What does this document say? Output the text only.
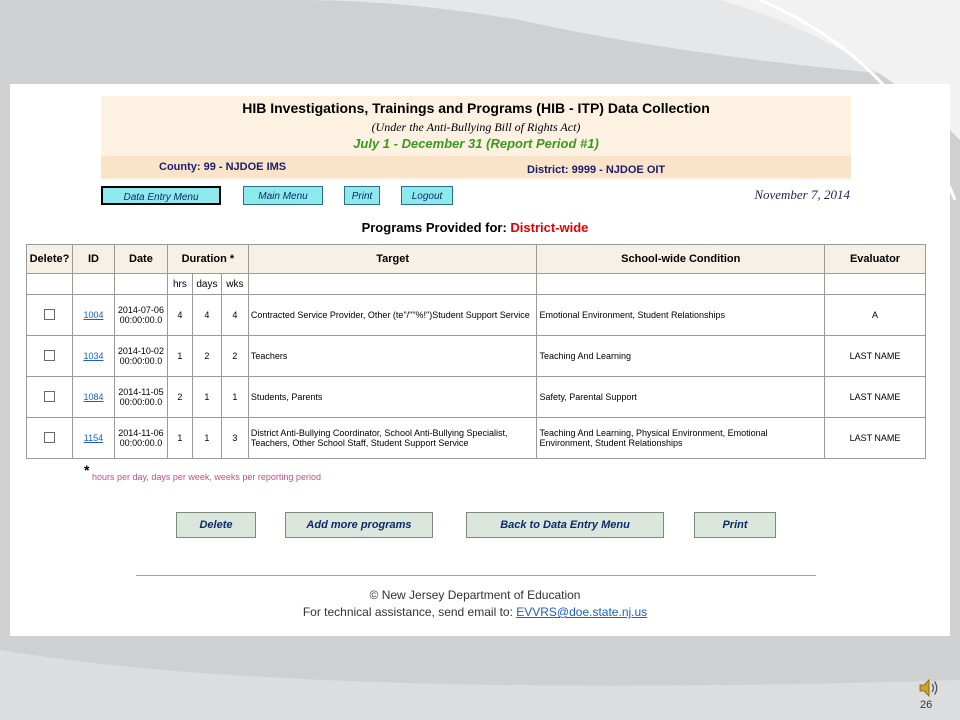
HIB Investigations, Trainings and Programs (HIB - ITP) Data Collection
(Under the Anti-Bullying Bill of Rights Act)
July 1 - December 31 (Report Period #1)
County: 99 - NJDOE IMS	District: 9999 - NJDOE OIT
Data Entry Menu	Main Menu	Print	Logout	November 7, 2014
Programs Provided for: District-wide
Delete?	ID	Date	Duration *			Target	School-wide Condition	Evaluator
			hrs	days	wks			
	1004	2014-07-06 00:00:00.0	4	4	4	Contracted Service Provider, Other (te"/""%!")Student Support Service	Emotional Environment, Student Relationships	A
	1034	2014-10-02 00:00:00.0	1	2	2	Teachers	Teaching And Learning	LAST NAME
	1084	2014-11-05 00:00:00.0	2	1	1	Students, Parents	Safety, Parental Support	LAST NAME
	1154	2014-11-06 00:00:00.0	1	1	3	District Anti-Bullying Coordinator, School Anti-Bullying Specialist, Teachers, Other School Staff, Student Support Service	Teaching And Learning, Physical Environment, Emotional Environment, Student Relationships	LAST NAME
* hours per day, days per week, weeks per reporting period
Delete	Add more programs	Back to Data Entry Menu	Print
© New Jersey Department of Education
For technical assistance, send email to: EVVRS@doe.state.nj.us
26
